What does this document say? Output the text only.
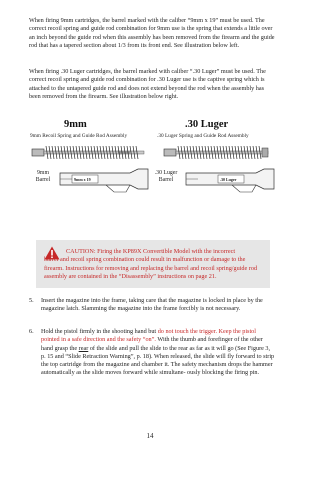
When firing 9mm cartridges, the barrel marked with the caliber “9mm x 19” must be used. The correct recoil spring and guide rod combination for 9mm use is the spring that extends a little over an inch beyond the guide rod when this assembly has been removed from the firearm and the guide rod that has a tapered section about 1/3 from its front end. See illustration below left.

When firing .30 Luger cartridges, the barrel marked with caliber “.30 Luger” must be used. The correct recoil spring and guide rod combination for .30 Luger use is the captive spring which is attached to the untapered guide rod and does not extend beyond the rod when the assembly has been removed from the firearm. See illustration below right.

9mm	.30 Luger
9mm Recoil Spring and Guide Rod Assembly	.30 Luger Spring and Guide Rod Assembly
9mm
Barrel
.30 Luger
Barrel
9mm x 19	.30 Luger
CAUTION: Firing the KP89X Convertible Model with the incorrect
barrel and recoil spring combination could result in malfunction or damage to the firearm. Instructions for removing and replacing the barrel and recoil spring/guide rod assembly are contained in the “Disassembly” instructions on page 21.
5. Insert the magazine into the frame, taking care that the magazine is locked in place by the magazine latch. Slamming the magazine into the frame forcibly is not necessary.
6. Hold the pistol firmly in the shooting hand but do not touch the trigger. Keep the pistol pointed in a safe direction and the safety “on”. With the thumb and forefinger of the other hand grasp the rear of the slide and pull the slide to the rear as far as it will go (See Figure 3, p. 15 and “Slide Retraction Warning”, p. 18). When released, the slide will fly forward to strip the top cartridge from the magazine and chamber it. The safety mechanism drops the hammer automatically as the slide moves forward while simultane- ously blocking the firing pin.
14
